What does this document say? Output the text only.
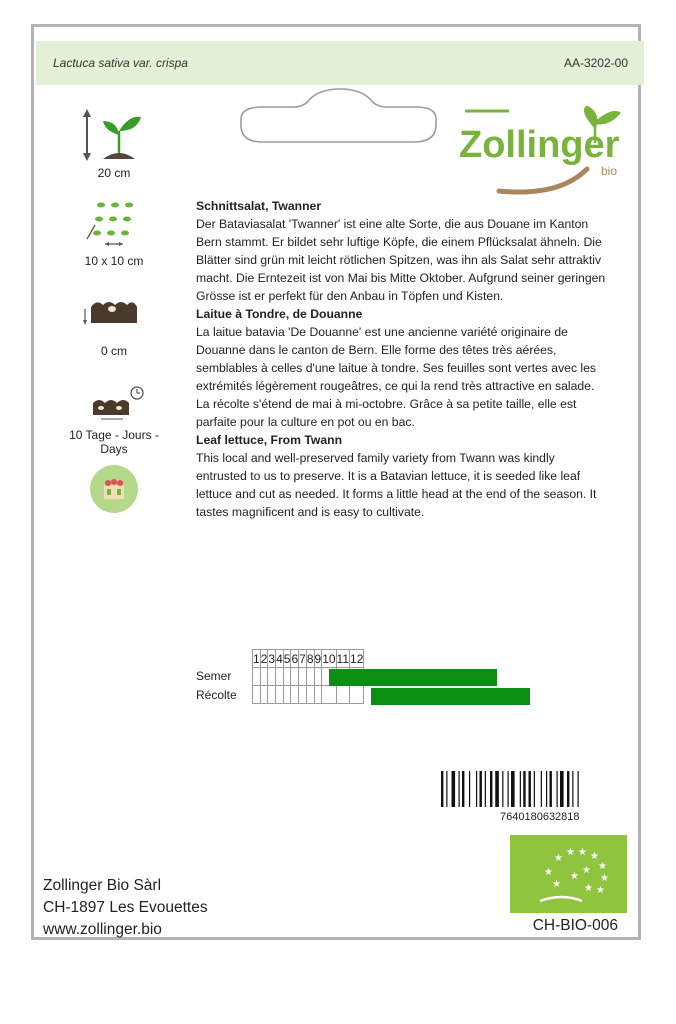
Lactuca sativa var. crispa	AA-3202-00
Zollinger
bio
20 cm
10 x 10 cm
0 cm
10 Tage - Jours - Days

Schnittsalat, Twanner

Der Bataviasalat 'Twanner' ist eine alte Sorte, die aus Douane im Kanton Bern stammt. Er bildet sehr luftige Köpfe, die einem Pflücksalat ähneln. Die Blätter sind grün mit leicht rötlichen Spitzen, was ihn als Salat sehr attraktiv macht. Die Erntezeit ist von Mai bis Mitte Oktober. Aufgrund seiner geringen Grösse ist er perfekt für den Anbau in Töpfen und Kisten.

Laitue à Tondre, de Douanne

La laitue batavia 'De Douanne' est une ancienne variété originaire de Douanne dans le canton de Bern. Elle forme des têtes très aérées, semblables à celles d'une laitue à tondre. Ses feuilles sont vertes avec les extrémités légèrement rougeâtres, ce qui la rend très attractive en salade. La récolte s'étend de mai à mi-octobre. Grâce à sa petite taille, elle est parfaite pour la culture en pot ou en bac.

Leaf lettuce, From Twann

This local and well-preserved family variety from Twann was kindly entrusted to us to preserve. It is a Batavian lettuce, it is seeded like leaf lettuce and cut as needed. It forms a little head at the end of the season. It tastes magnificent and is easy to cultivate.

1	2	3	4	5	6	7	8	9	10	11	12

Semer
Récolte
7640180632818
★
★ ★ ★
★
★
★
★	★
★
★ ★
Zollinger Bio Sàrl
CH-1897 Les Evouettes
www.zollinger.bio	CH-BIO-006
